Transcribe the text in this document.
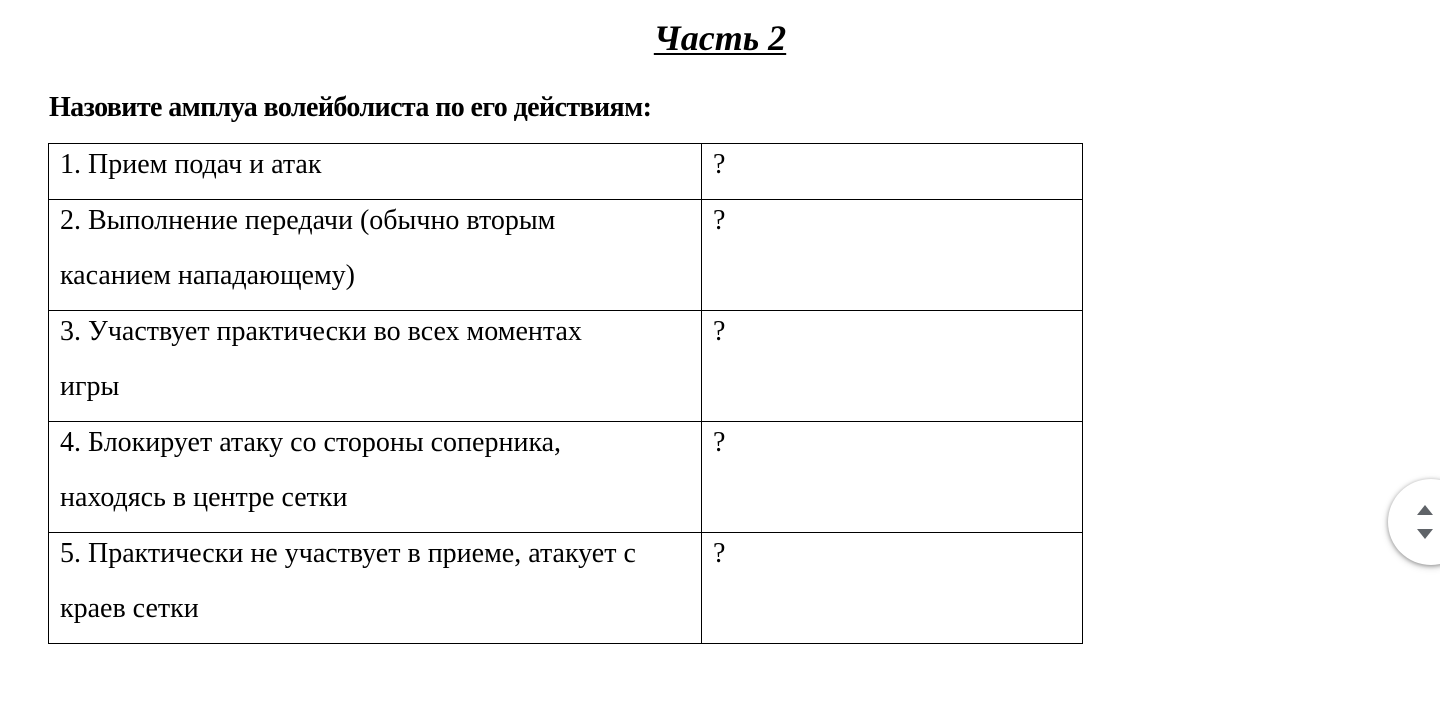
Часть 2
Назовите амплуа волейболиста по его действиям:
1. Прием подач и атак	?

2. Выполнение передачи (обычно вторым
касанием нападающему)	?

3. Участвует практически во всех моментах
игры	?

4. Блокирует атаку со стороны соперника,
находясь в центре сетки	?

5. Практически не участвует в приеме, атакует с
краев сетки	?
